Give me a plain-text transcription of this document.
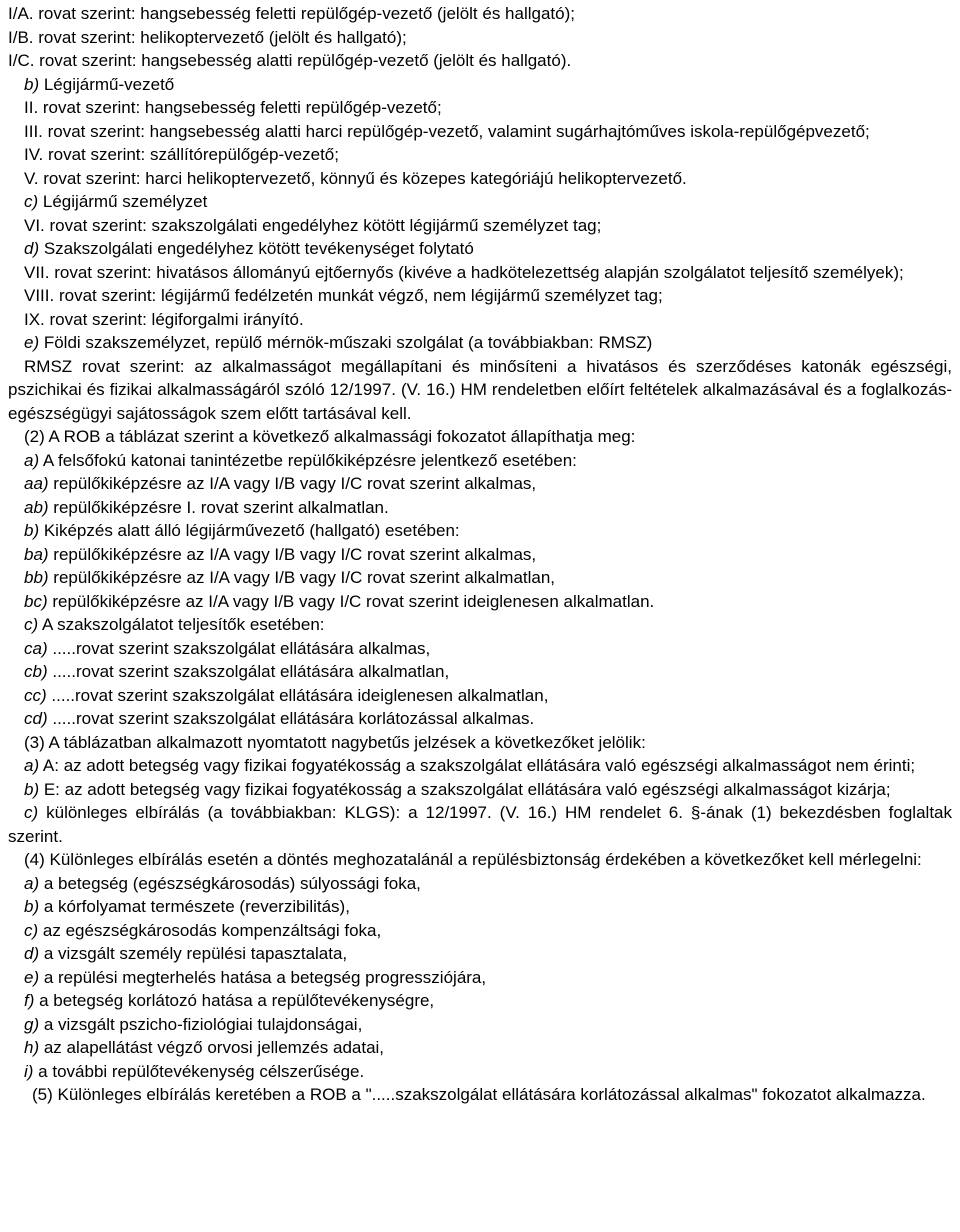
I/A. rovat szerint: hangsebesség feletti repülőgép-vezető (jelölt és hallgató);

I/B. rovat szerint: helikoptervezető (jelölt és hallgató);

I/C. rovat szerint: hangsebesség alatti repülőgép-vezető (jelölt és hallgató).

b) Légijármű-vezető

II. rovat szerint: hangsebesség feletti repülőgép-vezető;

III. rovat szerint: hangsebesség alatti harci repülőgép-vezető, valamint sugárhajtóműves iskola-repülőgépvezető;

IV. rovat szerint: szállítórepülőgép-vezető;

V. rovat szerint: harci helikoptervezető, könnyű és közepes kategóriájú helikoptervezető.

c) Légijármű személyzet

VI. rovat szerint: szakszolgálati engedélyhez kötött légijármű személyzet tag;

d) Szakszolgálati engedélyhez kötött tevékenységet folytató

VII. rovat szerint: hivatásos állományú ejtőernyős (kivéve a hadkötelezettség alapján szolgálatot teljesítő személyek);

VIII. rovat szerint: légijármű fedélzetén munkát végző, nem légijármű személyzet tag;

IX. rovat szerint: légiforgalmi irányító.

e) Földi szakszemélyzet, repülő mérnök-műszaki szolgálat (a továbbiakban: RMSZ)

RMSZ rovat szerint: az alkalmasságot megállapítani és minősíteni a hivatásos és szerződéses katonák egészségi, pszichikai és fizikai alkalmasságáról szóló 12/1997. (V. 16.) HM rendeletben előírt feltételek alkalmazásával és a foglalkozás-egészségügyi sajátosságok szem előtt tartásával kell.

(2) A ROB a táblázat szerint a következő alkalmassági fokozatot állapíthatja meg:

a) A felsőfokú katonai tanintézetbe repülőkiképzésre jelentkező esetében:

aa) repülőkiképzésre az I/A vagy I/B vagy I/C rovat szerint alkalmas,

ab) repülőkiképzésre I. rovat szerint alkalmatlan.

b) Kiképzés alatt álló légijárművezető (hallgató) esetében:

ba) repülőkiképzésre az I/A vagy I/B vagy I/C rovat szerint alkalmas,

bb) repülőkiképzésre az I/A vagy I/B vagy I/C rovat szerint alkalmatlan,

bc) repülőkiképzésre az I/A vagy I/B vagy I/C rovat szerint ideiglenesen alkalmatlan.

c) A szakszolgálatot teljesítők esetében:

ca) .....rovat szerint szakszolgálat ellátására alkalmas,

cb) .....rovat szerint szakszolgálat ellátására alkalmatlan,

cc) .....rovat szerint szakszolgálat ellátására ideiglenesen alkalmatlan,

cd) .....rovat szerint szakszolgálat ellátására korlátozással alkalmas.

(3) A táblázatban alkalmazott nyomtatott nagybetűs jelzések a következőket jelölik:

a) A: az adott betegség vagy fizikai fogyatékosság a szakszolgálat ellátására való egészségi alkalmasságot nem érinti;

b) E: az adott betegség vagy fizikai fogyatékosság a szakszolgálat ellátására való egészségi alkalmasságot kizárja;

c) különleges elbírálás (a továbbiakban: KLGS): a 12/1997. (V. 16.) HM rendelet 6. §-ának (1) bekezdésben foglaltak szerint.

(4) Különleges elbírálás esetén a döntés meghozatalánál a repülésbiztonság érdekében a következőket kell mérlegelni:

a) a betegség (egészségkárosodás) súlyossági foka,

b) a kórfolyamat természete (reverzibilitás),

c) az egészségkárosodás kompenzáltsági foka,

d) a vizsgált személy repülési tapasztalata,

e) a repülési megterhelés hatása a betegség progressziójára,

f) a betegség korlátozó hatása a repülőtevékenységre,

g) a vizsgált pszicho-fiziológiai tulajdonságai,

h) az alapellátást végző orvosi jellemzés adatai,

i) a további repülőtevékenység célszerűsége.

(5) Különleges elbírálás keretében a ROB a ".....szakszolgálat ellátására korlátozással alkalmas" fokozatot alkalmazza.
